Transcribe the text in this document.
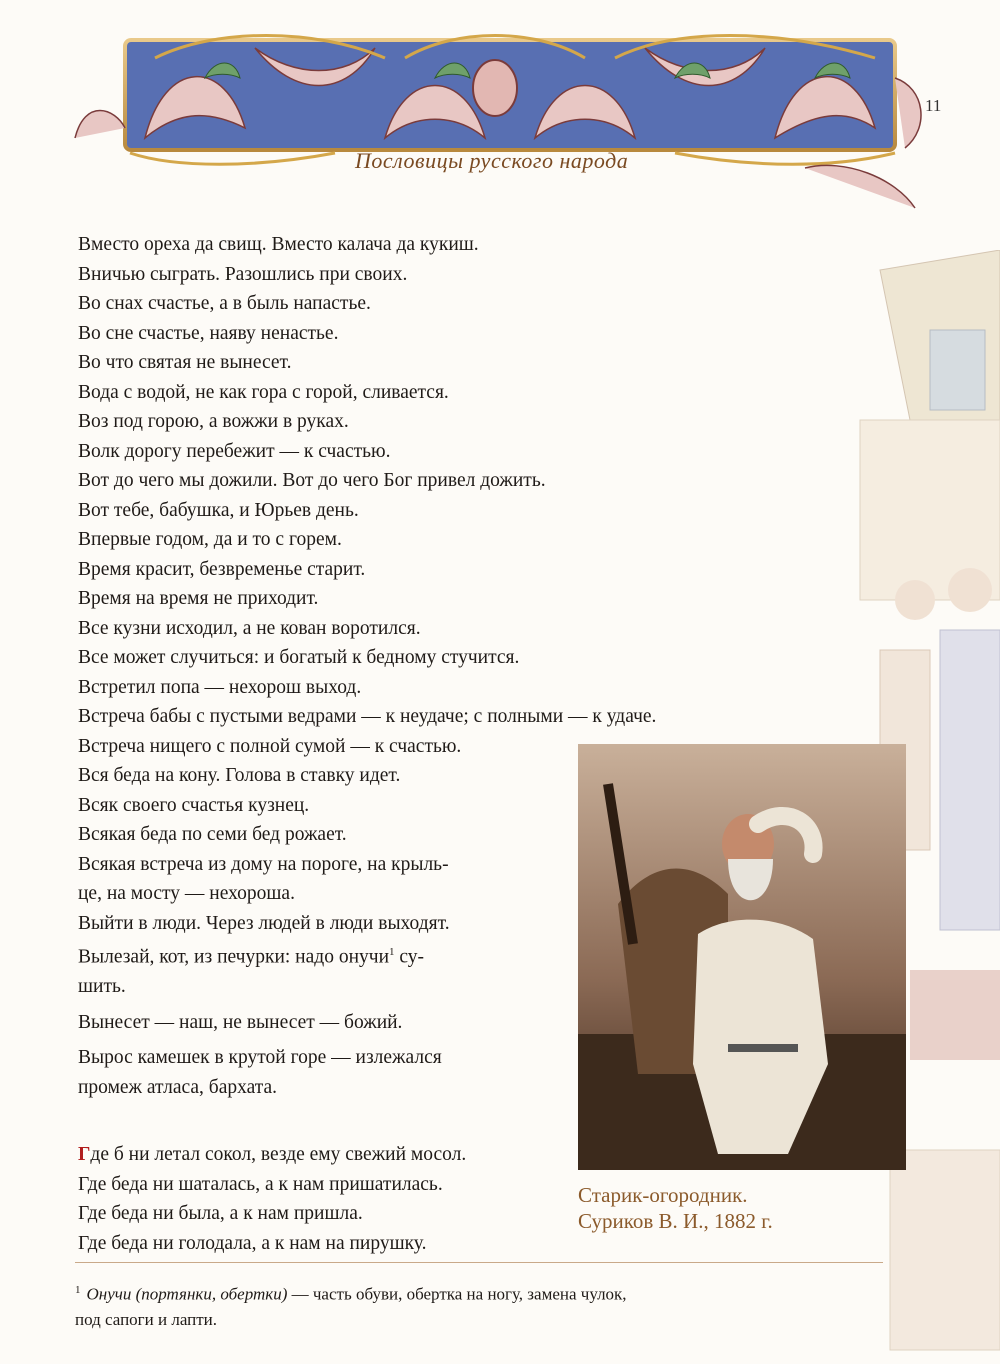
11
Пословицы русского народа
Вместо ореха да свищ. Вместо калача да кукиш.
Вничью сыграть. Разошлись при своих.
Во снах счастье, а в быль напастье.
Во сне счастье, наяву ненастье.
Во что святая не вынесет.
Вода с водой, не как гора с горой, сливается.
Воз под горою, а вожжи в руках.
Волк дорогу перебежит — к счастью.
Вот до чего мы дожили. Вот до чего Бог привел дожить.
Вот тебе, бабушка, и Юрьев день.
Впервые годом, да и то с горем.
Время красит, безвременье старит.
Время на время не приходит.
Все кузни исходил, а не кован воротился.
Все может случиться: и богатый к бедному стучится.
Встретил попа — нехорош выход.
Встреча бабы с пустыми ведрами — к неудаче; с полными — к удаче.
Встреча нищего с полной сумой — к счастью.
Вся беда на кону. Голова в ставку идет.
Всяк своего счастья кузнец.
Всякая беда по семи бед рожает.
Всякая встреча из дому на пороге, на крыль-
це, на мосту — нехороша.
Выйти в люди. Через людей в люди выходят.
Вылезай, кот, из печурки: надо онучи$^1$ су-
шить.
Вынесет — наш, не вынесет — божий.
Вырос камешек в крутой горе — излежался
промеж атласа, бархата.
Где б ни летал сокол, везде ему свежий мосол.
Где беда ни шаталась, а к нам пришатилась.
Где беда ни была, а к нам пришла.
Где беда ни голодала, а к нам на пирушку.
Старик-огородник.
Суриков В. И., 1882 г.
$^1$ Онучи (портянки, обертки) — часть обуви, обертка на ногу, замена чулок,
под сапоги и лапти.
